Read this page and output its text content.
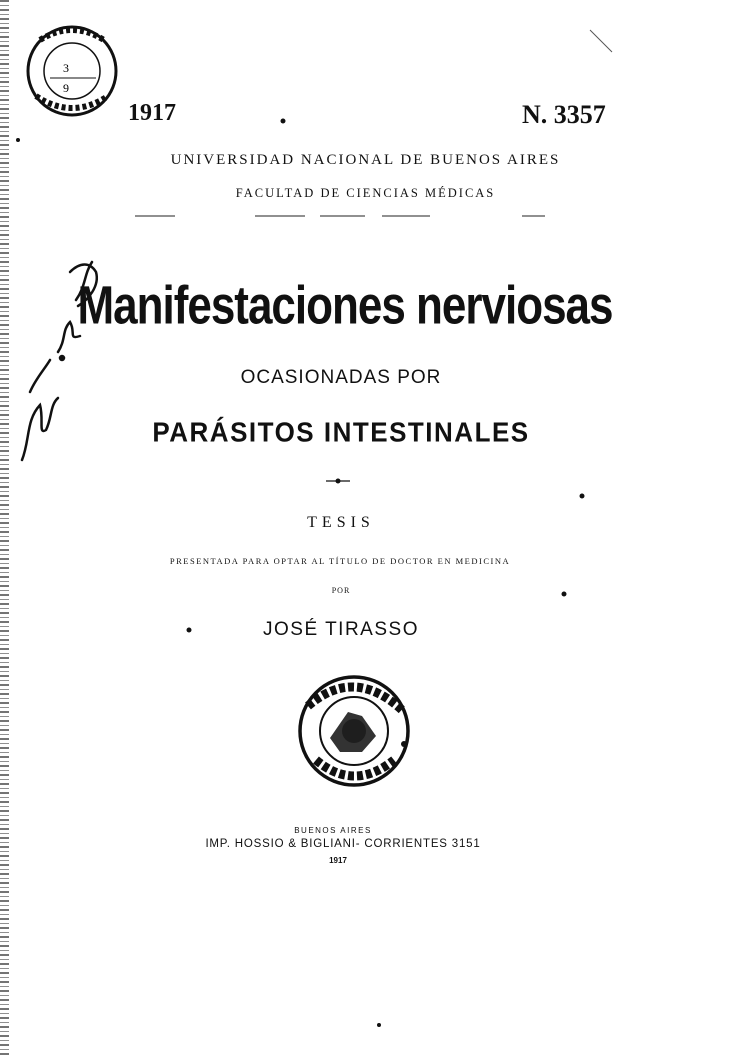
3
9
1917	N. 3357
UNIVERSIDAD NACIONAL DE BUENOS AIRES
FACULTAD DE CIENCIAS MÉDICAS
Manifestaciones nerviosas
OCASIONADAS POR
PARÁSITOS INTESTINALES
TESIS
PRESENTADA PARA OPTAR AL TÍTULO DE DOCTOR EN MEDICINA
POR
JOSÉ TIRASSO
BUENOS AIRES
IMP. HOSSIO & BIGLIANI- CORRIENTES 3151
1917
